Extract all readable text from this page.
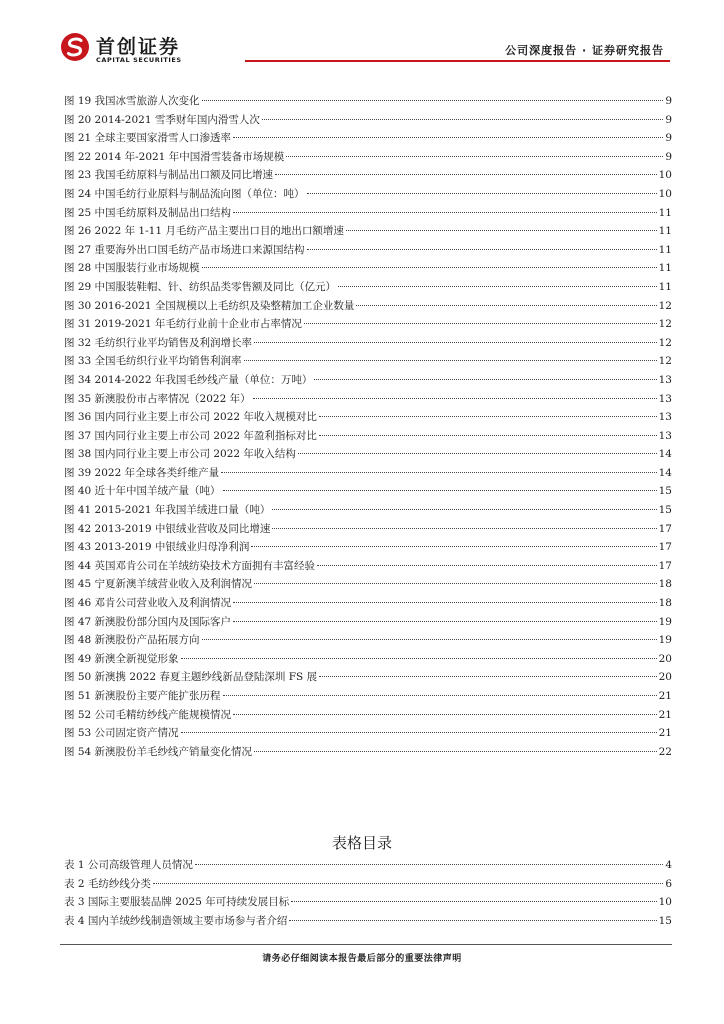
首创证券
CAPITAL SECURITIES
公司深度报告 · 证券研究报告
图 19 我国冰雪旅游人次变化	9
图 20 2014-2021 雪季财年国内滑雪人次	9
图 21 全球主要国家滑雪人口渗透率	9
图 22 2014 年-2021 年中国滑雪装备市场规模	9
图 23 我国毛纺原料与制品出口额及同比增速	10
图 24 中国毛纺行业原料与制品流向图（单位：吨）	10
图 25 中国毛纺原料及制品出口结构	11
图 26 2022 年 1-11 月毛纺产品主要出口目的地出口额增速	11
图 27 重要海外出口国毛纺产品市场进口来源国结构	11
图 28 中国服装行业市场规模	11
图 29 中国服装鞋帽、针、纺织品类零售额及同比（亿元）	11
图 30 2016-2021 全国规模以上毛纺织及染整精加工企业数量	12
图 31 2019-2021 年毛纺行业前十企业市占率情况	12
图 32 毛纺织行业平均销售及利润增长率	12
图 33 全国毛纺织行业平均销售利润率	12
图 34 2014-2022 年我国毛纱线产量（单位：万吨）	13
图 35 新澳股份市占率情况（2022 年）	13
图 36 国内同行业主要上市公司 2022 年收入规模对比	13
图 37 国内同行业主要上市公司 2022 年盈利指标对比	13
图 38 国内同行业主要上市公司 2022 年收入结构	14
图 39 2022 年全球各类纤维产量	14
图 40 近十年中国羊绒产量（吨）	15
图 41 2015-2021 年我国羊绒进口量（吨）	15
图 42 2013-2019 中银绒业营收及同比增速	17
图 43 2013-2019 中银绒业归母净利润	17
图 44 英国邓肯公司在羊绒纺染技术方面拥有丰富经验	17
图 45 宁夏新澳羊绒营业收入及利润情况	18
图 46 邓肯公司营业收入及利润情况	18
图 47 新澳股份部分国内及国际客户	19
图 48 新澳股份产品拓展方向	19
图 49 新澳全新视觉形象	20
图 50 新澳携 2022 春夏主题纱线新品登陆深圳 FS 展	20
图 51 新澳股份主要产能扩张历程	21
图 52 公司毛精纺纱线产能规模情况	21
图 53 公司固定资产情况	21
图 54 新澳股份羊毛纱线产销量变化情况	22
表格目录
表 1 公司高级管理人员情况	4
表 2 毛纺纱线分类	6
表 3 国际主要服装品牌 2025 年可持续发展目标	10
表 4 国内羊绒纱线制造领域主要市场参与者介绍	15
请务必仔细阅读本报告最后部分的重要法律声明
